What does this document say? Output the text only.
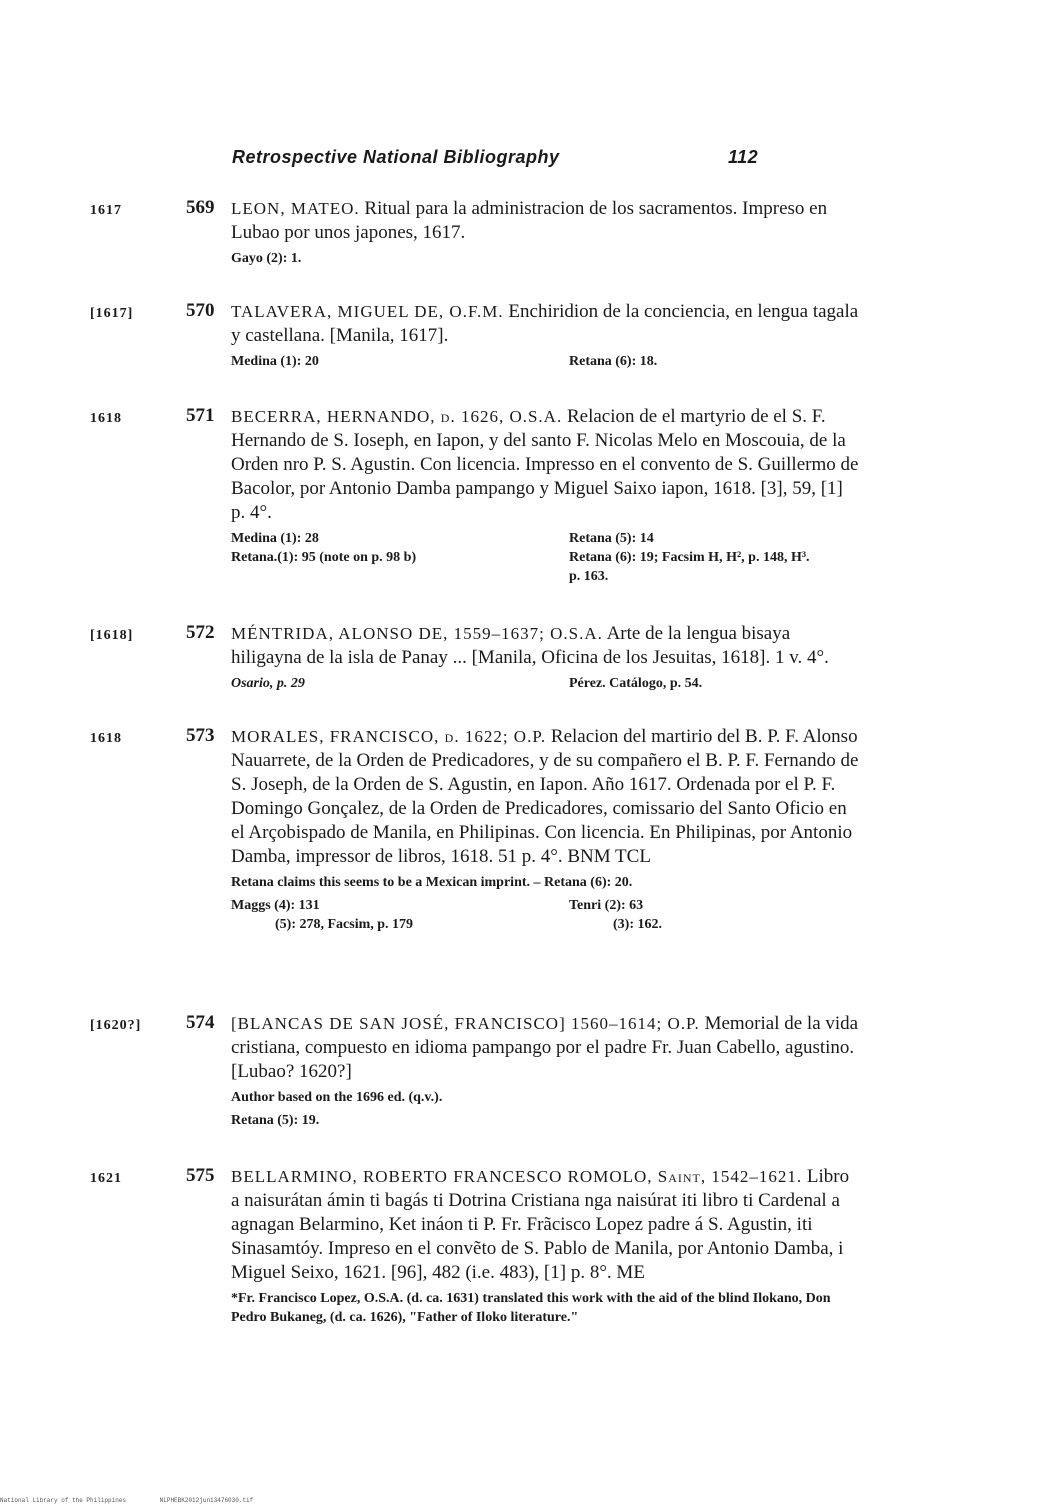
Retrospective National Bibliography	112
1617	569 LEON, MATEO. Ritual para la administracion de los sacramentos. Impreso en Lubao por unos japones, 1617.

Gayo (2): 1.
[1617]	570 TALAVERA, MIGUEL DE, O.F.M. Enchiridion de la conciencia, en lengua tagala y castellana. [Manila, 1617].

Medina (1): 20	Retana (6): 18.
1618	571 BECERRA, HERNANDO, d. 1626, O.S.A. Relacion de el martyrio de el S. F. Hernando de S. Ioseph, en Iapon, y del santo F. Nicolas Melo en Moscouia, de la Orden nro P. S. Agustin. Con licencia. Impresso en el convento de S. Guillermo de Bacolor, por Antonio Damba pampango y Miguel Saixo iapon, 1618. [3], 59, [1] p. 4°.

Medina (1): 28	Retana (5): 14
Retana.(1): 95 (note on p. 98 b)	Retana (6): 19; Facsim H, H², p. 148, H³.
p. 163.
[1618]	572 MÉNTRIDA, ALONSO DE, 1559–1637; O.S.A. Arte de la lengua bisaya hiligayna de la isla de Panay ... [Manila, Oficina de los Jesuitas, 1618]. 1 v. 4°.

Osario, p. 29	Pérez. Catálogo, p. 54.
1618	573 MORALES, FRANCISCO, d. 1622; O.P. Relacion del martirio del B. P. F. Alonso Nauarrete, de la Orden de Predicadores, y de su compañero el B. P. F. Fernando de S. Joseph, de la Orden de S. Agustin, en Iapon. Año 1617. Ordenada por el P. F. Domingo Gonçalez, de la Orden de Predicadores, comissario del Santo Oficio en el Arçobispado de Manila, en Philipinas. Con licencia. En Philipinas, por Antonio Damba, impressor de libros, 1618. 51 p. 4°. BNM TCL

Retana claims this seems to be a Mexican imprint. – Retana (6): 20.
Maggs (4): 131	Tenri (2): 63
(5): 278, Facsim, p. 179	(3): 162.
[1620?]	574 [BLANCAS DE SAN JOSÉ, FRANCISCO] 1560–1614; O.P. Memorial de la vida cristiana, compuesto en idioma pampango por el padre Fr. Juan Cabello, agustino. [Lubao? 1620?]

Author based on the 1696 ed. (q.v.).
Retana (5): 19.
1621	575 BELLARMINO, ROBERTO FRANCESCO ROMOLO, Saint, 1542–1621. Libro a naisurátan ámin ti bagás ti Dotrina Cristiana nga naisúrat iti libro ti Cardenal a agnagan Belarmino, Ket ináon ti P. Fr. Frãcisco Lopez padre á S. Agustin, iti Sinasamtóy. Impreso en el convẽto de S. Pablo de Manila, por Antonio Damba, i Miguel Seixo, 1621. [96], 482 (i.e. 483), [1] p. 8°. ME

*Fr. Francisco Lopez, O.S.A. (d. ca. 1631) translated this work with the aid of the blind Ilokano, Don Pedro Bukaneg, (d. ca. 1626), "Father of Iloko literature."
National Library of the Philippines	NLPHEBK2012jun13476030.tif
